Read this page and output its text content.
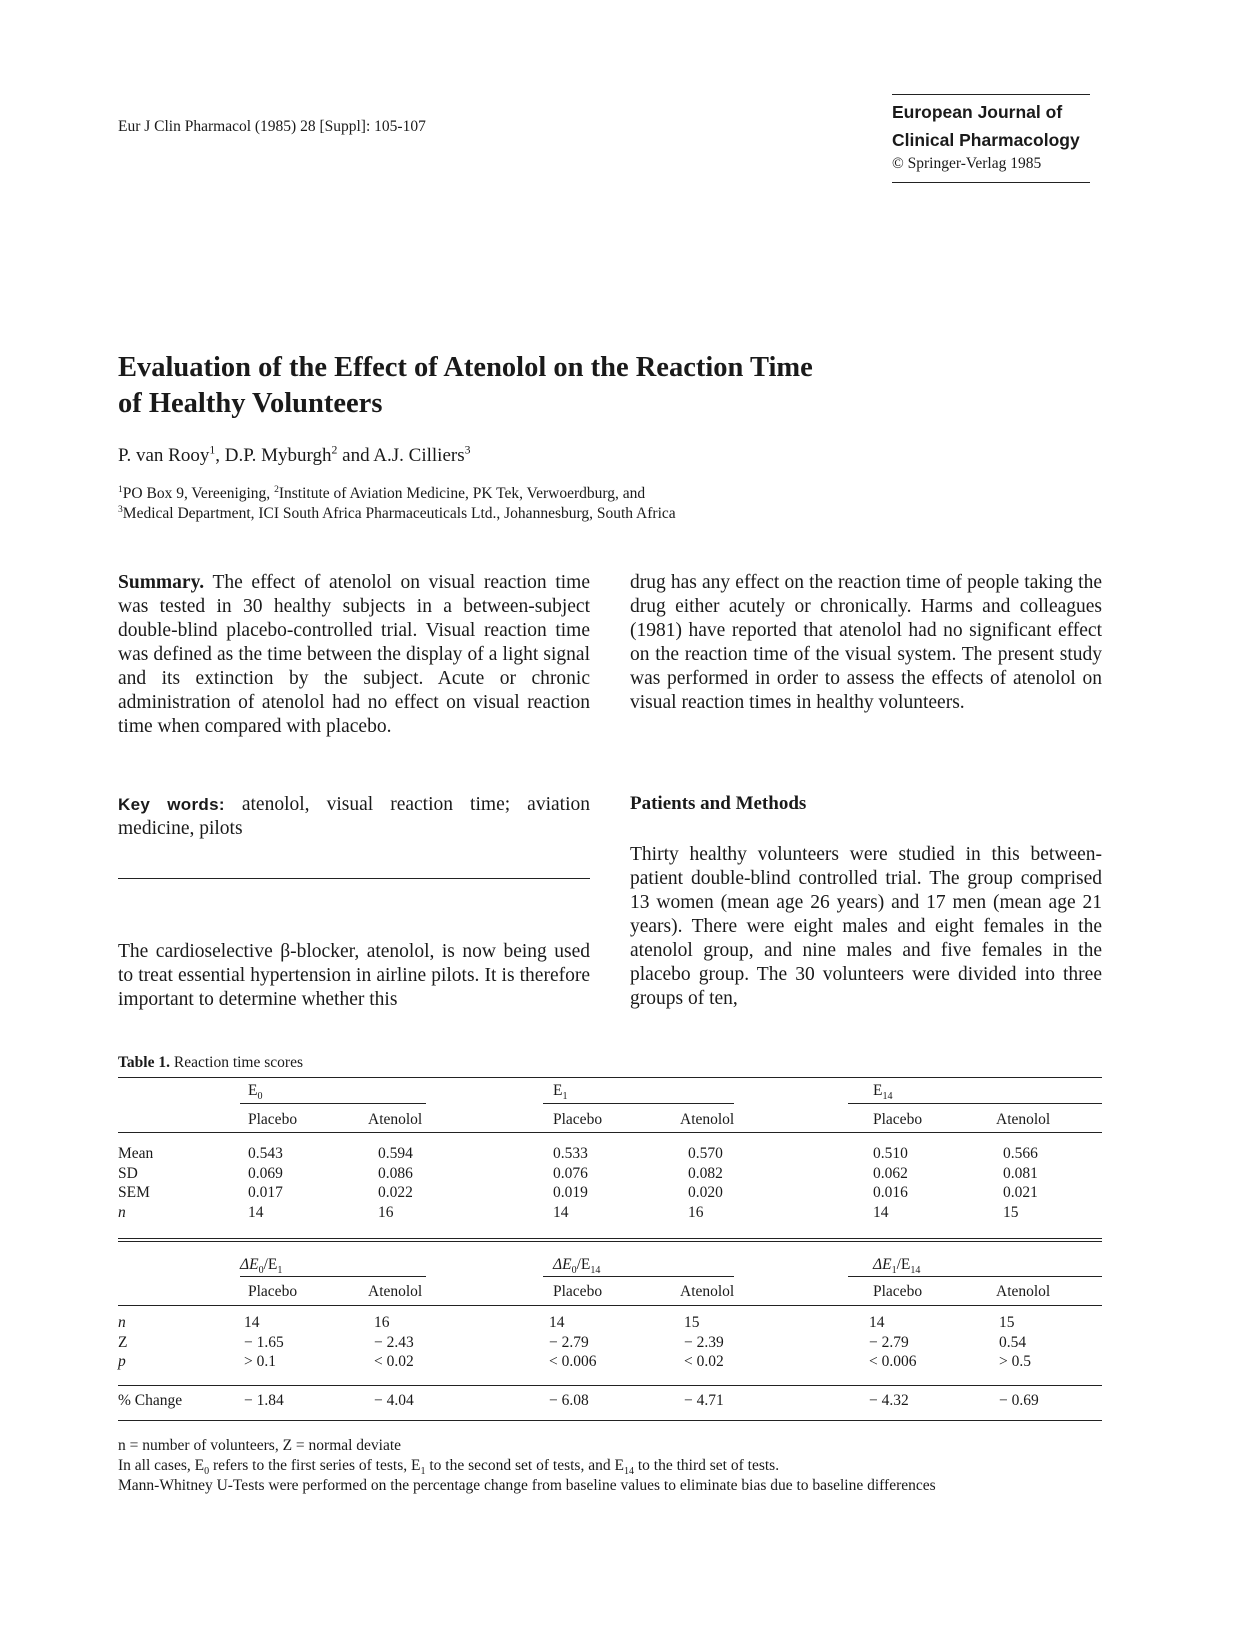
Eur J Clin Pharmacol (1985) 28 [Suppl]: 105-107
European Journal of
Clinical Pharmacology
© Springer-Verlag 1985
Evaluation of the Effect of Atenolol on the Reaction Time
of Healthy Volunteers
P. van Rooy$^1$, D.P. Myburgh$^2$ and A.J. Cilliers$^3$
$^1$PO Box 9, Vereeniging, $^2$Institute of Aviation Medicine, PK Tek, Verwoerdburg, and
$^3$Medical Department, ICI South Africa Pharmaceuticals Ltd., Johannesburg, South Africa
Summary. The effect of atenolol on visual reaction time was tested in 30 healthy subjects in a between-subject double-blind placebo-controlled trial. Visual reaction time was defined as the time between the display of a light signal and its extinction by the subject. Acute or chronic administration of atenolol had no effect on visual reaction time when compared with placebo.
Key words: atenolol, visual reaction time; aviation medicine, pilots
The cardioselective β-blocker, atenolol, is now being used to treat essential hypertension in airline pilots. It is therefore important to determine whether this
drug has any effect on the reaction time of people taking the drug either acutely or chronically. Harms and colleagues (1981) have reported that atenolol had no significant effect on the reaction time of the visual system. The present study was performed in order to assess the effects of atenolol on visual reaction times in healthy volunteers.
Patients and Methods
Thirty healthy volunteers were studied in this between-patient double-blind controlled trial. The group comprised 13 women (mean age 26 years) and 17 men (mean age 21 years). There were eight males and eight females in the atenolol group, and nine males and five females in the placebo group. The 30 volunteers were divided into three groups of ten,
Table 1. Reaction time scores
$E_0$	$E_1$	$E_{14}$
Placebo	Atenolol	Placebo	Atenolol	Placebo	Atenolol
Mean	0.543	0.594	0.533	0.570	0.510	0.566
SD	0.069	0.086	0.076	0.082	0.062	0.081
SEM	0.017	0.022	0.019	0.020	0.016	0.021
n	14	16	14	16	14	15
$\Delta E_0/E_1$	$\Delta E_0/E_{14}$	$\Delta E_1/E_{14}$
Placebo	Atenolol	Placebo	Atenolol	Placebo	Atenolol
n	14	16	14	15	14	15
Z	− 1.65	− 2.43	− 2.79	− 2.39	− 2.79	0.54
p	> 0.1	< 0.02	< 0.006	< 0.02	< 0.006	> 0.5
% Change	− 1.84	− 4.04	− 6.08	− 4.71	− 4.32	− 0.69
n = number of volunteers, Z = normal deviate
In all cases, $E_0$ refers to the first series of tests, $E_1$ to the second set of tests, and $E_{14}$ to the third set of tests.
Mann-Whitney U-Tests were performed on the percentage change from baseline values to eliminate bias due to baseline differences
